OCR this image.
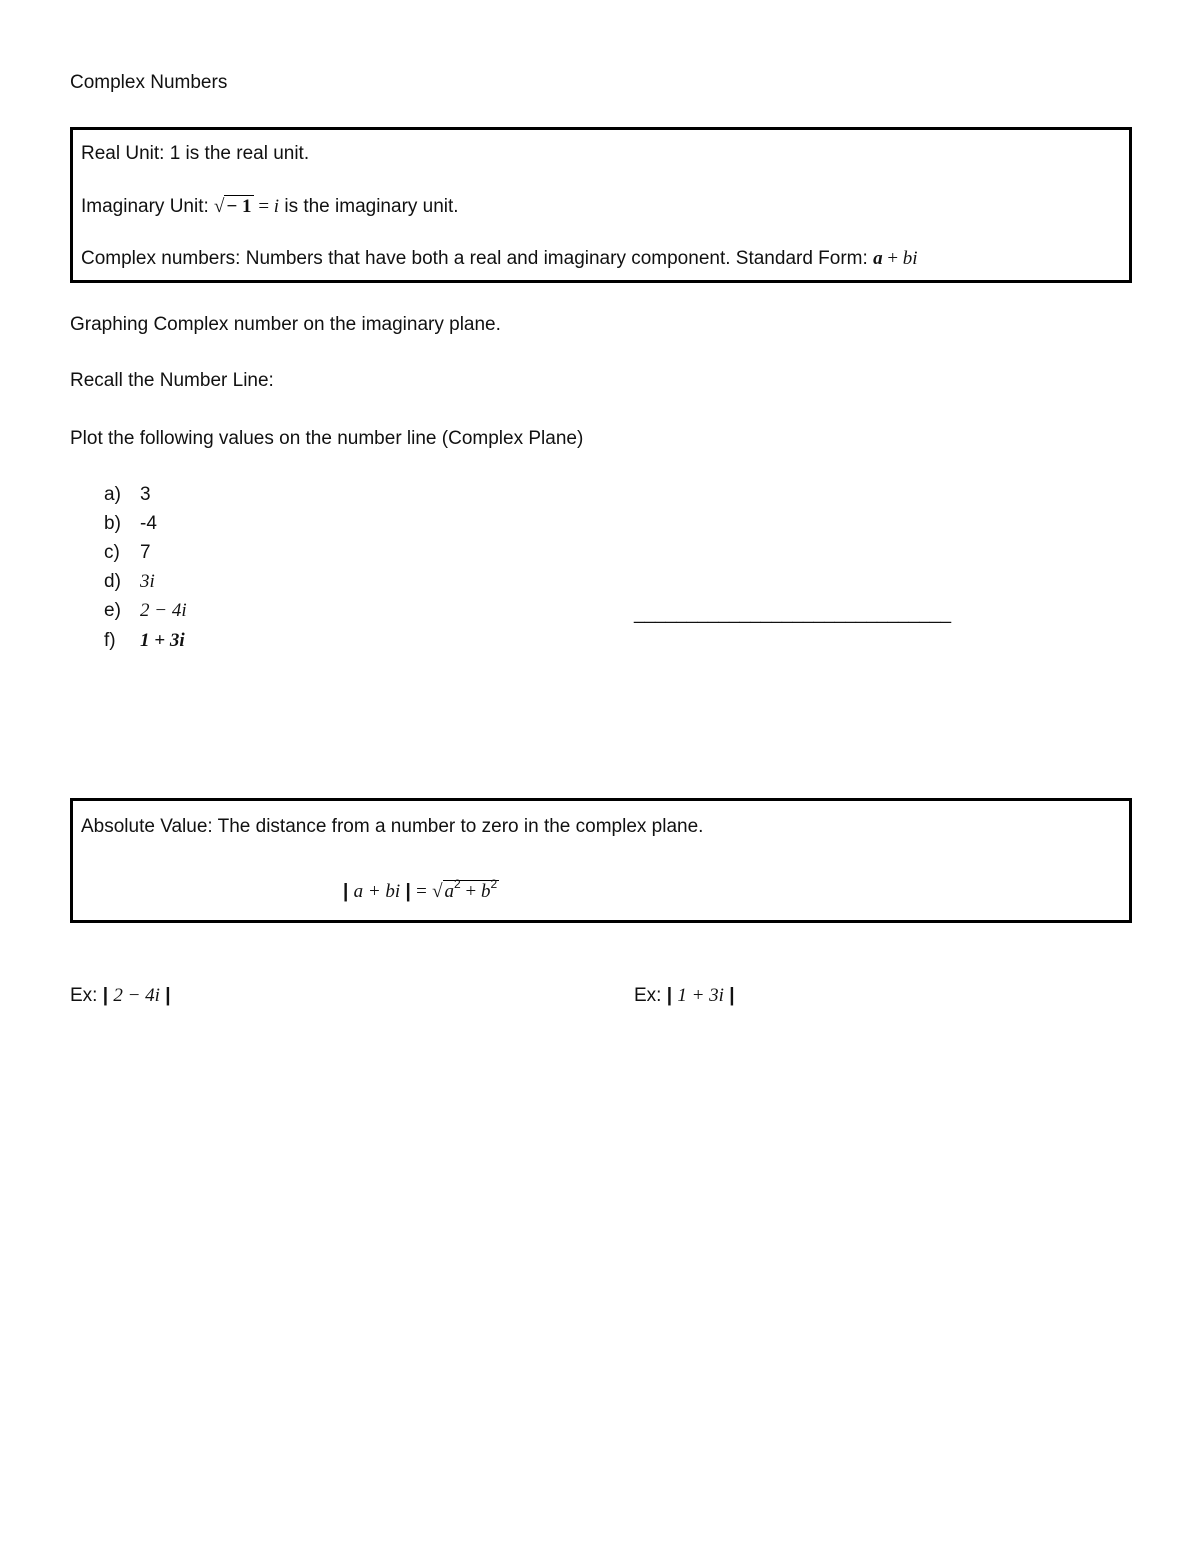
Complex Numbers
Real Unit: 1 is the real unit.
Imaginary Unit: √ − 1 = i is the imaginary unit.
Complex numbers: Numbers that have both a real and imaginary component. Standard Form: a + bi
Graphing Complex number on the imaginary plane.
Recall the Number Line:
Plot the following values on the number line (Complex Plane)
a) 3
b) -4
c) 7
d) 3i
e) 2 − 4i
f) 1 + 3i
______________________________
Absolute Value: The distance from a number to zero in the complex plane.
| a + bi | = √ $a^2 + b^2$
Ex: | 2 − 4i |	Ex: | 1 + 3i |
